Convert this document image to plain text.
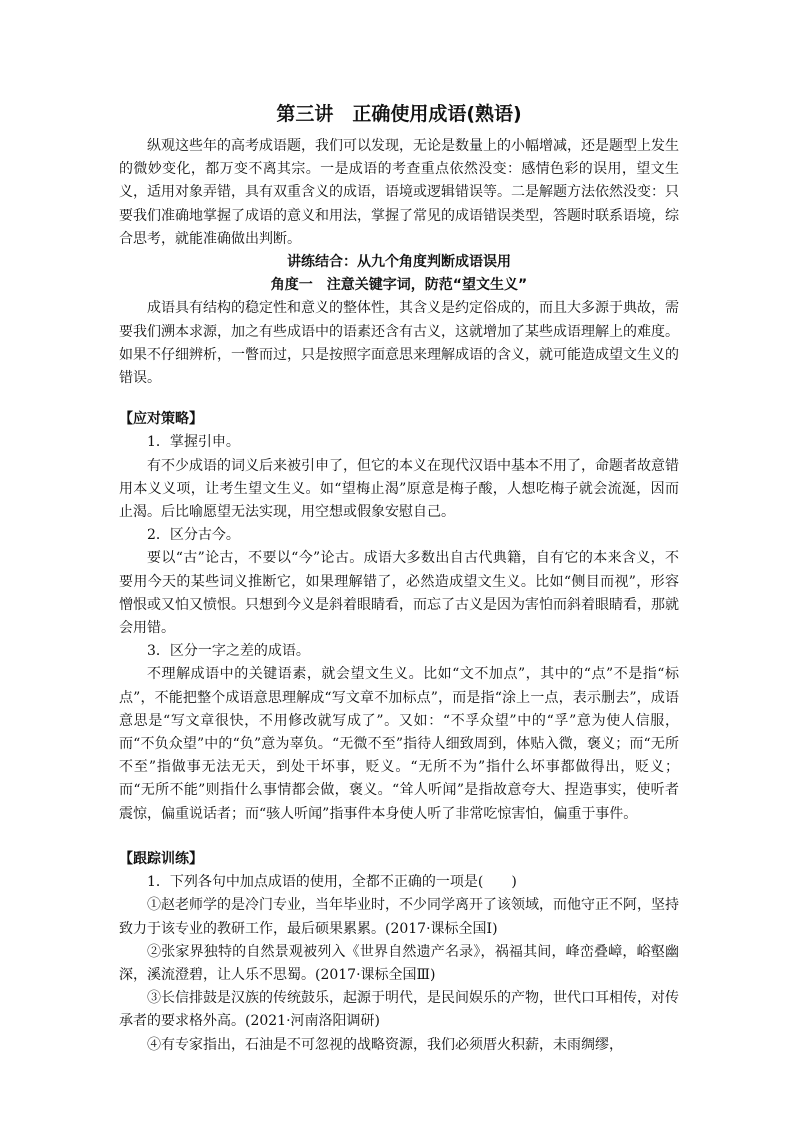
第三讲　正确使用成语(熟语)

纵观这些年的高考成语题，我们可以发现，无论是数量上的小幅增减，还是题型上发生的微妙变化，都万变不离其宗。一是成语的考查重点依然没变：感情色彩的误用，望文生义，适用对象弄错，具有双重含义的成语，语境或逻辑错误等。二是解题方法依然没变：只要我们准确地掌握了成语的意义和用法，掌握了常见的成语错误类型，答题时联系语境，综合思考，就能准确做出判断。

讲练结合：从九个角度判断成语误用

角度一　注意关键字词，防范“望文生义”

成语具有结构的稳定性和意义的整体性，其含义是约定俗成的，而且大多源于典故，需要我们溯本求源，加之有些成语中的语素还含有古义，这就增加了某些成语理解上的难度。如果不仔细辨析，一瞥而过，只是按照字面意思来理解成语的含义，就可能造成望文生义的错误。

【应对策略】

1．掌握引申。

有不少成语的词义后来被引申了，但它的本义在现代汉语中基本不用了，命题者故意错用本义义项，让考生望文生义。如“望梅止渴”原意是梅子酸，人想吃梅子就会流涎，因而止渴。后比喻愿望无法实现，用空想或假象安慰自己。

2．区分古今。

要以“古”论古，不要以“今”论古。成语大多数出自古代典籍，自有它的本来含义，不要用今天的某些词义推断它，如果理解错了，必然造成望文生义。比如“侧目而视”，形容憎恨或又怕又愤恨。只想到今义是斜着眼睛看，而忘了古义是因为害怕而斜着眼睛看，那就会用错。

3．区分一字之差的成语。

不理解成语中的关键语素，就会望文生义。比如“文不加点”，其中的“点”不是指“标点”，不能把整个成语意思理解成“写文章不加标点”，而是指“涂上一点，表示删去”，成语意思是“写文章很快，不用修改就写成了”。又如：“不孚众望”中的“孚”意为使人信服，而“不负众望”中的“负”意为辜负。“无微不至”指待人细致周到，体贴入微，褒义；而“无所不至”指做事无法无天，到处干坏事，贬义。“无所不为”指什么坏事都做得出，贬义；而“无所不能”则指什么事情都会做，褒义。“耸人听闻”是指故意夸大、捏造事实，使听者震惊，偏重说话者；而“骇人听闻”指事件本身使人听了非常吃惊害怕，偏重于事件。

【跟踪训练】

1．下列各句中加点成语的使用，全都不正确的一项是(　　)

①赵老师学的是冷门专业，当年毕业时，不少同学离开了该领域，而他守正不阿，坚持致力于该专业的教研工作，最后硕果累累。(2017·课标全国Ⅰ)

②张家界独特的自然景观被列入《世界自然遗产名录》，祸福其间，峰峦叠嶂，峪壑幽深，溪流澄碧，让人乐不思蜀。(2017·课标全国Ⅲ)

③长信排鼓是汉族的传统鼓乐，起源于明代，是民间娱乐的产物，世代口耳相传，对传承者的要求格外高。(2021·河南洛阳调研)

④有专家指出，石油是不可忽视的战略资源，我们必须厝火积薪，未雨绸缪，
